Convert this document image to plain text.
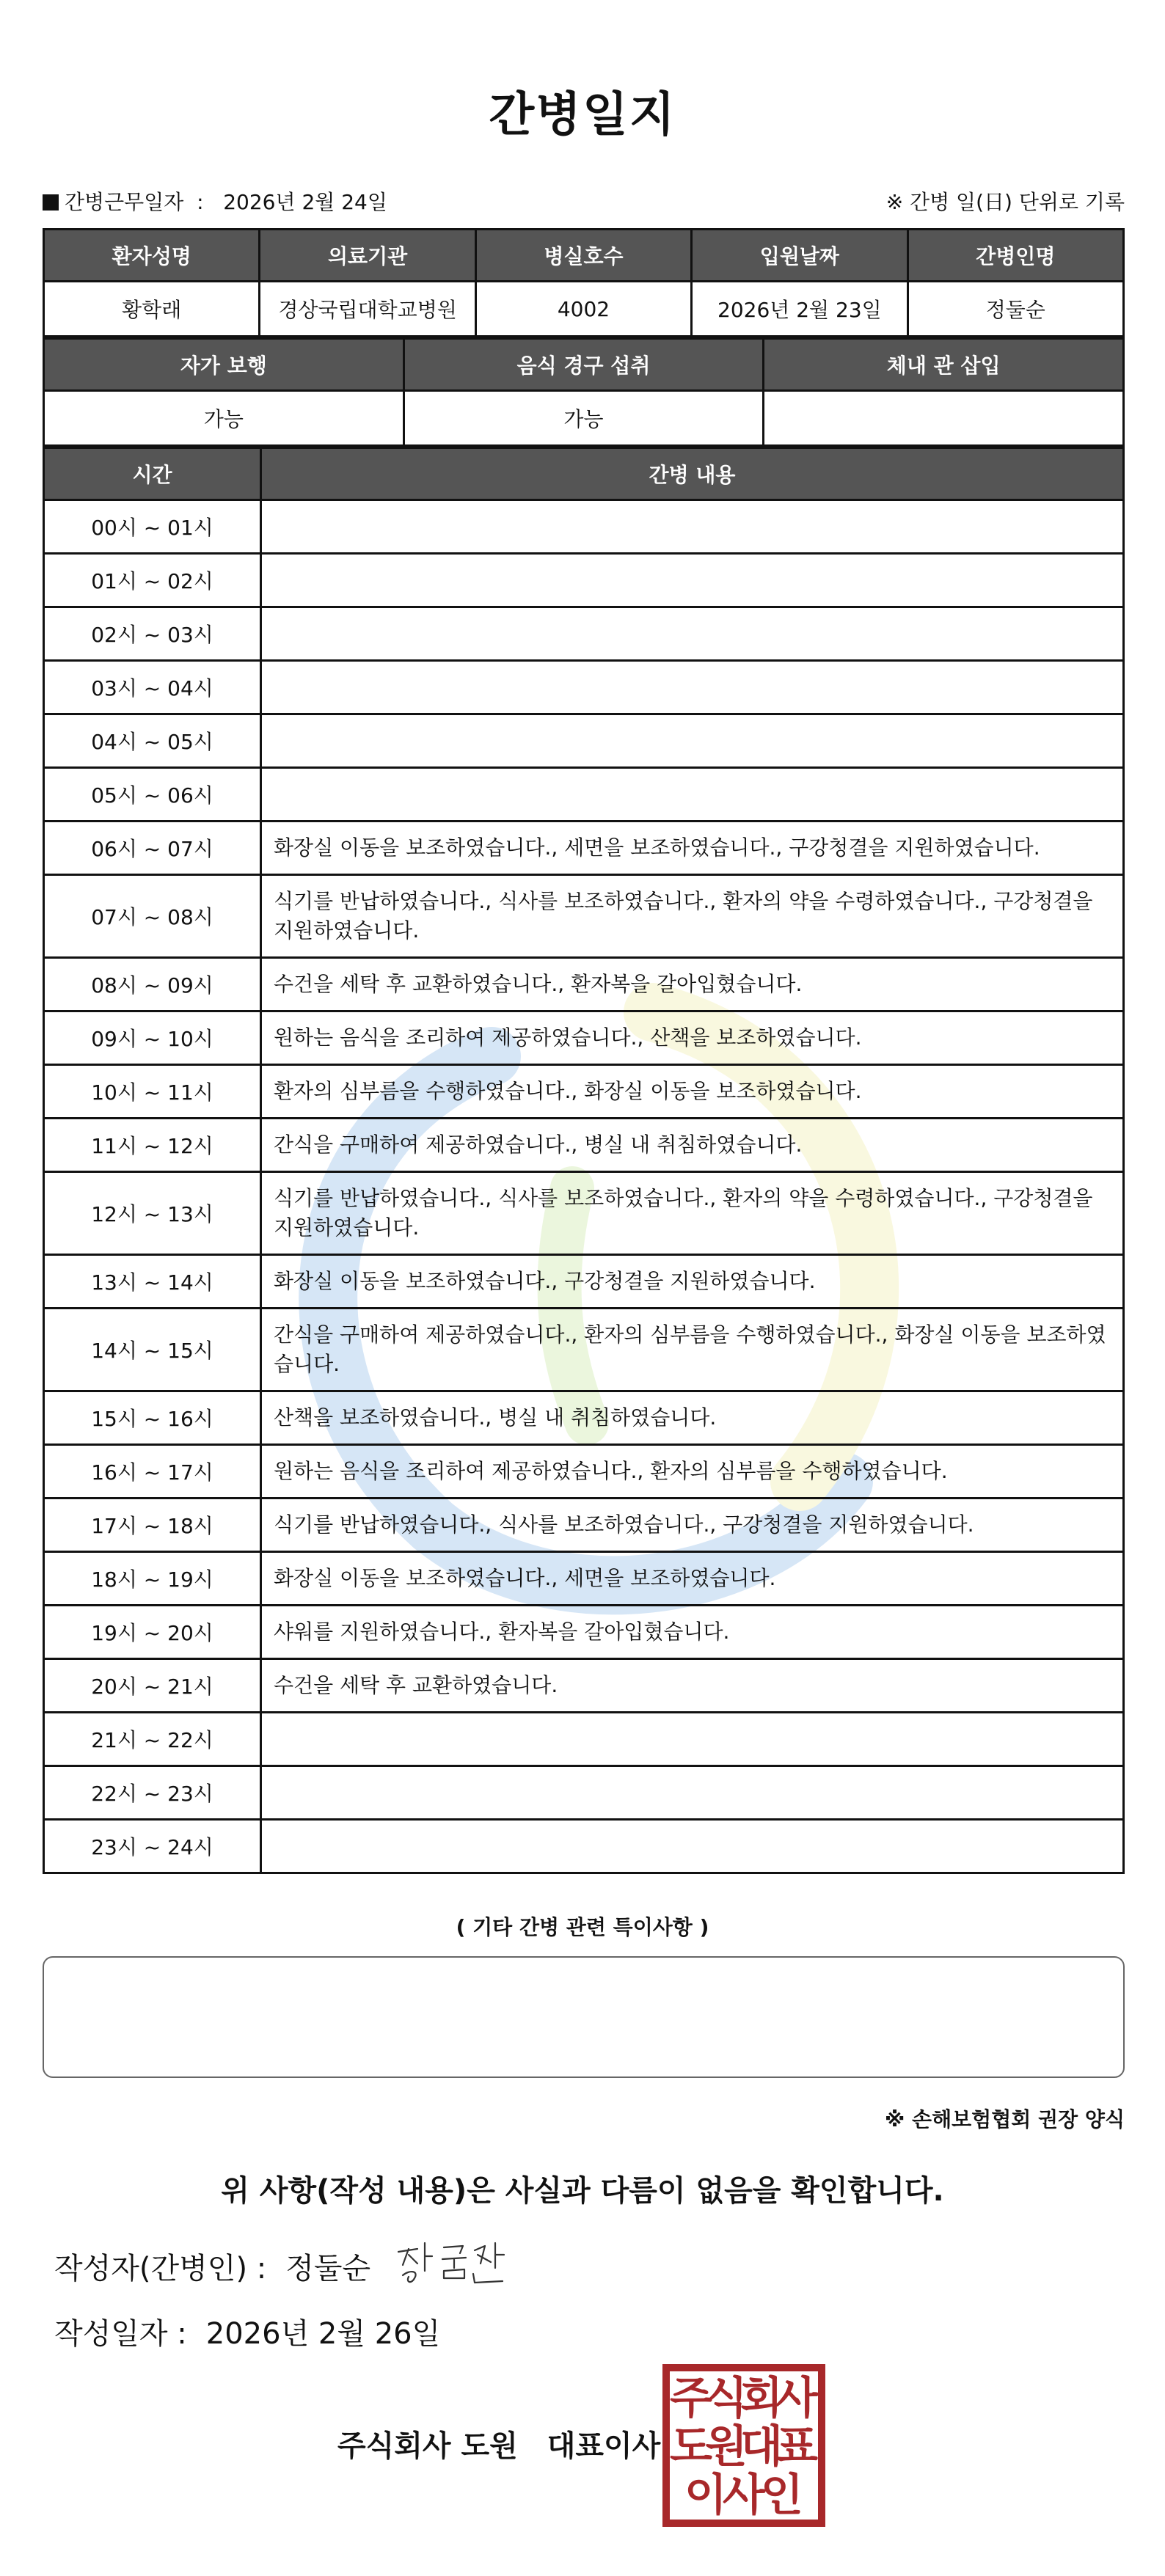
간병일지
간병근무일자  :   2026년 2월 24일	※ 간병 일(日) 단위로 기록
환자성명	의료기관	병실호수	입원날짜	간병인명
황학래	경상국립대학교병원	4002	2026년 2월 23일	정둘순
자가 보행	음식 경구 섭취	체내 관 삽입
가능	가능	
시간	간병 내용
00시 ~ 01시	
01시 ~ 02시	
02시 ~ 03시	
03시 ~ 04시	
04시 ~ 05시	
05시 ~ 06시	
06시 ~ 07시	화장실 이동을 보조하였습니다., 세면을 보조하였습니다., 구강청결을 지원하였습니다.
07시 ~ 08시	식기를 반납하였습니다., 식사를 보조하였습니다., 환자의 약을 수령하였습니다., 구강청결을 지원하였습니다.
08시 ~ 09시	수건을 세탁 후 교환하였습니다., 환자복을 갈아입혔습니다.
09시 ~ 10시	원하는 음식을 조리하여 제공하였습니다., 산책을 보조하였습니다.
10시 ~ 11시	환자의 심부름을 수행하였습니다., 화장실 이동을 보조하였습니다.
11시 ~ 12시	간식을 구매하여 제공하였습니다., 병실 내 취침하였습니다.
12시 ~ 13시	식기를 반납하였습니다., 식사를 보조하였습니다., 환자의 약을 수령하였습니다., 구강청결을 지원하였습니다.
13시 ~ 14시	화장실 이동을 보조하였습니다., 구강청결을 지원하였습니다.
14시 ~ 15시	간식을 구매하여 제공하였습니다., 환자의 심부름을 수행하였습니다., 화장실 이동을 보조하였습니다.
15시 ~ 16시	산책을 보조하였습니다., 병실 내 취침하였습니다.
16시 ~ 17시	원하는 음식을 조리하여 제공하였습니다., 환자의 심부름을 수행하였습니다.
17시 ~ 18시	식기를 반납하였습니다., 식사를 보조하였습니다., 구강청결을 지원하였습니다.
18시 ~ 19시	화장실 이동을 보조하였습니다., 세면을 보조하였습니다.
19시 ~ 20시	샤워를 지원하였습니다., 환자복을 갈아입혔습니다.
20시 ~ 21시	수건을 세탁 후 교환하였습니다.
21시 ~ 22시	
22시 ~ 23시	
23시 ~ 24시	
( 기타 간병 관련 특이사항 )
※ 손해보험협회 권장 양식
위 사항(작성 내용)은 사실과 다름이 없음을 확인합니다.
작성자(간병인) : 정둘순
작성일자 : 2026년 2월 26일
주식회사 도원 대표이사
주
식
회
사
도
원
대
표
이
사
인
